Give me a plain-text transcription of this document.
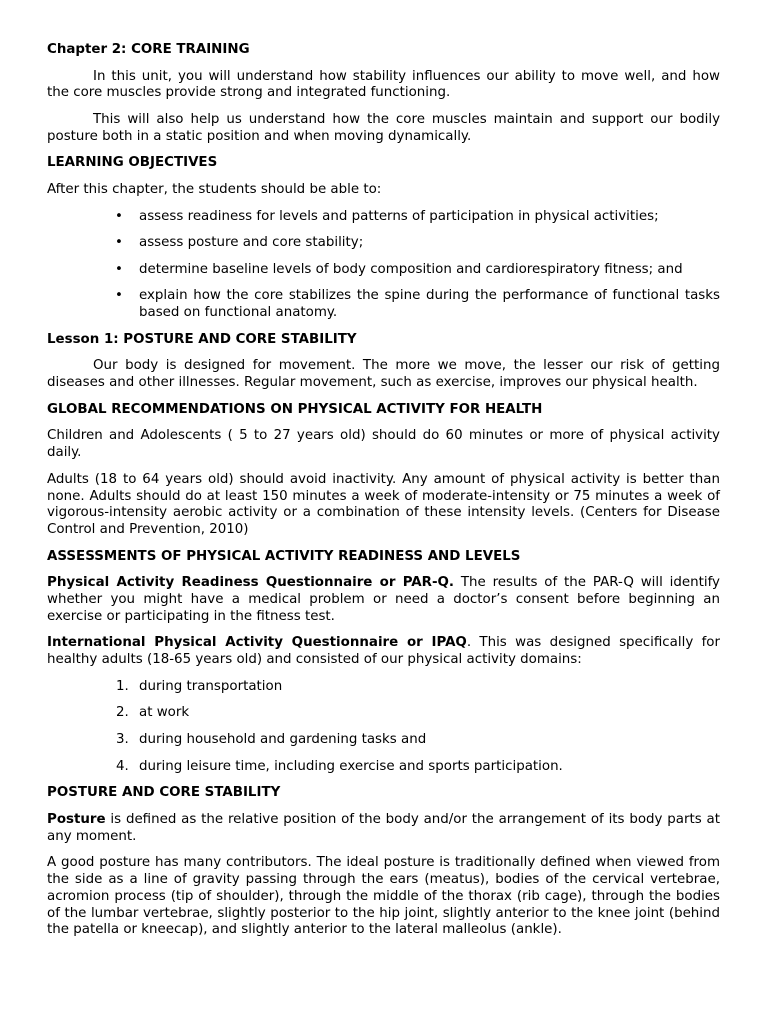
Chapter 2: CORE TRAINING

In this unit, you will understand how stability influences our ability to move well, and how the core muscles provide strong and integrated functioning.

This will also help us understand how the core muscles maintain and support our bodily posture both in a static position and when moving dynamically.

LEARNING OBJECTIVES

After this chapter, the students should be able to:

• assess readiness for levels and patterns of participation in physical activities;
• assess posture and core stability;
• determine baseline levels of body composition and cardiorespiratory fitness; and
• explain how the core stabilizes the spine during the performance of functional tasks based on functional anatomy.

Lesson 1: POSTURE AND CORE STABILITY

Our body is designed for movement. The more we move, the lesser our risk of getting diseases and other illnesses. Regular movement, such as exercise, improves our physical health.

GLOBAL RECOMMENDATIONS ON PHYSICAL ACTIVITY FOR HEALTH

Children and Adolescents ( 5 to 27 years old) should do 60 minutes or more of physical activity daily.

Adults (18 to 64 years old) should avoid inactivity. Any amount of physical activity is better than none. Adults should do at least 150 minutes a week of moderate-intensity or 75 minutes a week of vigorous-intensity aerobic activity or a combination of these intensity levels. (Centers for Disease Control and Prevention, 2010)

ASSESSMENTS OF PHYSICAL ACTIVITY READINESS AND LEVELS

Physical Activity Readiness Questionnaire or PAR-Q. The results of the PAR-Q will identify whether you might have a medical problem or need a doctor’s consent before beginning an exercise or participating in the fitness test.

International Physical Activity Questionnaire or IPAQ. This was designed specifically for healthy adults (18-65 years old) and consisted of our physical activity domains:

1. during transportation
2. at work
3. during household and gardening tasks and
4. during leisure time, including exercise and sports participation.

POSTURE AND CORE STABILITY

Posture is defined as the relative position of the body and/or the arrangement of its body parts at any moment.

A good posture has many contributors. The ideal posture is traditionally defined when viewed from the side as a line of gravity passing through the ears (meatus), bodies of the cervical vertebrae, acromion process (tip of shoulder), through the middle of the thorax (rib cage), through the bodies of the lumbar vertebrae, slightly posterior to the hip joint, slightly anterior to the knee joint (behind the patella or kneecap), and slightly anterior to the lateral malleolus (ankle).
